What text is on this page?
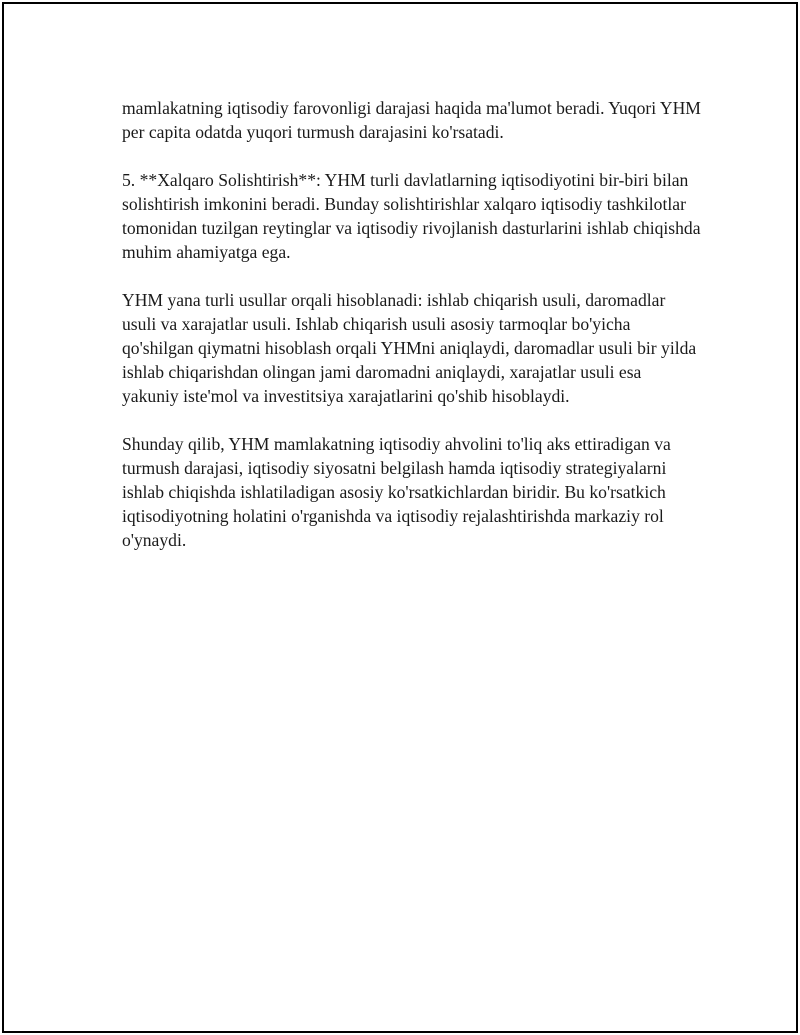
mamlakatning iqtisodiy farovonligi darajasi haqida ma'lumot beradi. Yuqori YHM per capita odatda yuqori turmush darajasini ko'rsatadi.

5. **Xalqaro Solishtirish**: YHM turli davlatlarning iqtisodiyotini bir-biri bilan solishtirish imkonini beradi. Bunday solishtirishlar xalqaro iqtisodiy tashkilotlar tomonidan tuzilgan reytinglar va iqtisodiy rivojlanish dasturlarini ishlab chiqishda muhim ahamiyatga ega.

YHM yana turli usullar orqali hisoblanadi: ishlab chiqarish usuli, daromadlar usuli va xarajatlar usuli. Ishlab chiqarish usuli asosiy tarmoqlar bo'yicha qo'shilgan qiymatni hisoblash orqali YHMni aniqlaydi, daromadlar usuli bir yilda ishlab chiqarishdan olingan jami daromadni aniqlaydi, xarajatlar usuli esa yakuniy iste'mol va investitsiya xarajatlarini qo'shib hisoblaydi.

Shunday qilib, YHM mamlakatning iqtisodiy ahvolini to'liq aks ettiradigan va turmush darajasi, iqtisodiy siyosatni belgilash hamda iqtisodiy strategiyalarni ishlab chiqishda ishlatiladigan asosiy ko'rsatkichlardan biridir. Bu ko'rsatkich iqtisodiyotning holatini o'rganishda va iqtisodiy rejalashtirishda markaziy rol o'ynaydi.
